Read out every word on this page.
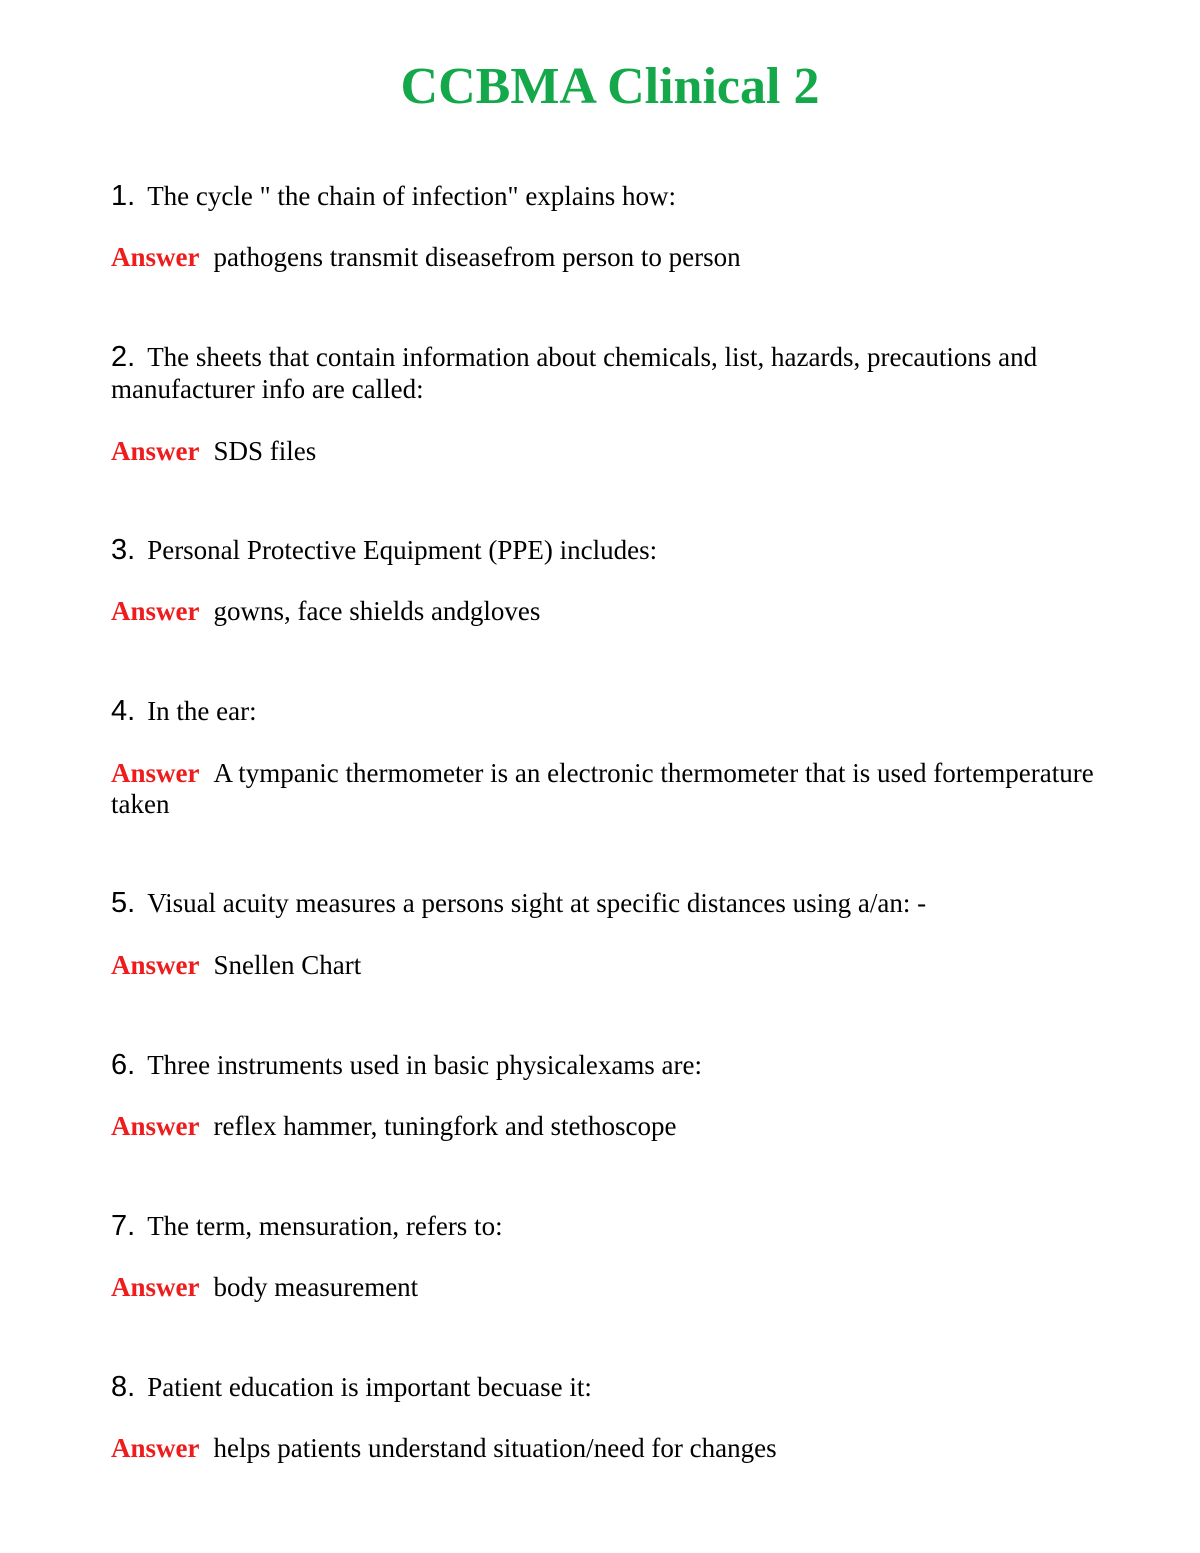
CCBMA Clinical 2
1. The cycle " the chain of infection" explains how:
Answer pathogens transmit diseasefrom person to person
2. The sheets that contain information about chemicals, list, hazards, precautions and manufacturer info are called:
Answer SDS files
3. Personal Protective Equipment (PPE) includes:
Answer gowns, face shields andgloves
4. In the ear:
Answer A tympanic thermometer is an electronic thermometer that is used fortemperature taken
5. Visual acuity measures a persons sight at specific distances using a/an: -
Answer Snellen Chart
6. Three instruments used in basic physicalexams are:
Answer reflex hammer, tuningfork and stethoscope
7. The term, mensuration, refers to:
Answer body measurement
8. Patient education is important becuase it:
Answer helps patients understand situation/need for changes
